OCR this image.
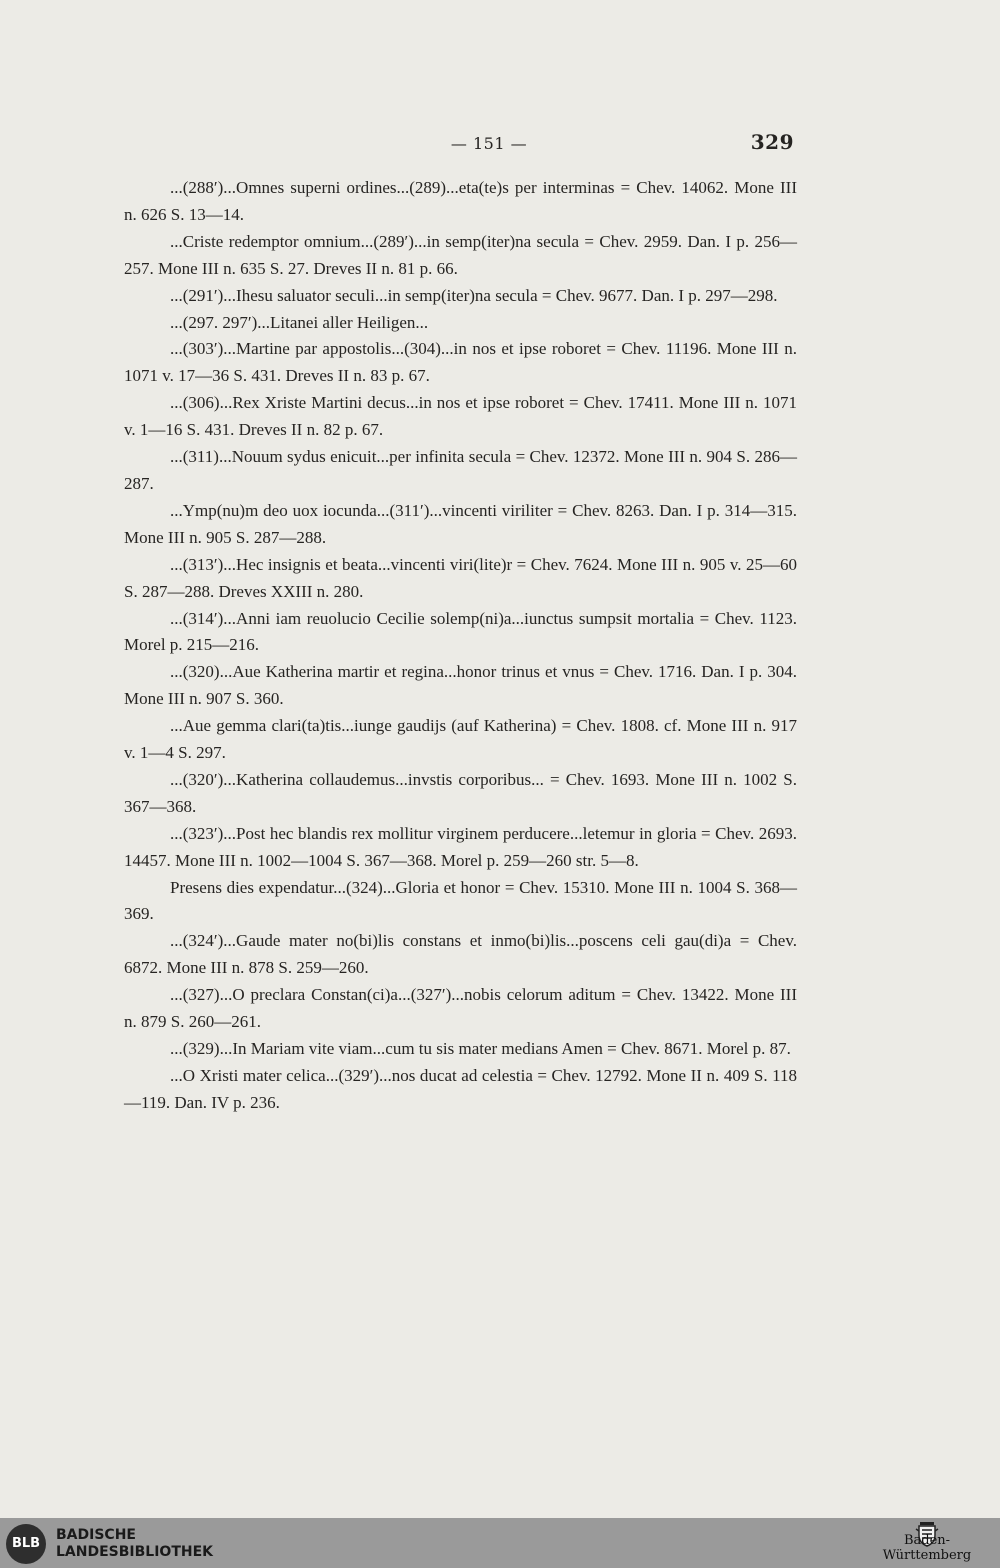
— 151 —	329

...(288′)...Omnes superni ordines...(289)...eta(te)s per interminas = Chev. 14062. Mone III n. 626 S. 13—14.

...Criste redemptor omnium...(289′)...in semp(iter)na secula = Chev. 2959. Dan. I p. 256—257. Mone III n. 635 S. 27. Dreves II n. 81 p. 66.

...(291′)...Ihesu saluator seculi...in semp(iter)na secula = Chev. 9677. Dan. I p. 297—298.

...(297. 297′)...Litanei aller Heiligen...

...(303′)...Martine par appostolis...(304)...in nos et ipse roboret = Chev. 11196. Mone III n. 1071 v. 17—36 S. 431. Dreves II n. 83 p. 67.

...(306)...Rex Xriste Martini decus...in nos et ipse roboret = Chev. 17411. Mone III n. 1071 v. 1—16 S. 431. Dreves II n. 82 p. 67.

...(311)...Nouum sydus enicuit...per infinita secula = Chev. 12372. Mone III n. 904 S. 286—287.

...Ymp(nu)m deo uox iocunda...(311′)...vincenti viriliter = Chev. 8263. Dan. I p. 314—315. Mone III n. 905 S. 287—288.

...(313′)...Hec insignis et beata...vincenti viri(lite)r = Chev. 7624. Mone III n. 905 v. 25—60 S. 287—288. Dreves XXIII n. 280.

...(314′)...Anni iam reuolucio Cecilie solemp(ni)a...iunctus sumpsit mortalia = Chev. 1123. Morel p. 215—216.

...(320)...Aue Katherina martir et regina...honor trinus et vnus = Chev. 1716. Dan. I p. 304. Mone III n. 907 S. 360.

...Aue gemma clari(ta)tis...iunge gaudijs (auf Katherina) = Chev. 1808. cf. Mone III n. 917 v. 1—4 S. 297.

...(320′)...Katherina collaudemus...invstis corporibus... = Chev. 1693. Mone III n. 1002 S. 367—368.

...(323′)...Post hec blandis rex mollitur virginem perducere...letemur in gloria = Chev. 2693. 14457. Mone III n. 1002—1004 S. 367—368. Morel p. 259—260 str. 5—8.

Presens dies expendatur...(324)...Gloria et honor = Chev. 15310. Mone III n. 1004 S. 368—369.

...(324′)...Gaude mater no(bi)lis constans et inmo(bi)lis...poscens celi gau(di)a = Chev. 6872. Mone III n. 878 S. 259—260.

...(327)...O preclara Constan(ci)a...(327′)...nobis celorum aditum = Chev. 13422. Mone III n. 879 S. 260—261.

...(329)...In Mariam vite viam...cum tu sis mater medians Amen = Chev. 8671. Morel p. 87.

...O Xristi mater celica...(329′)...nos ducat ad celestia = Chev. 12792. Mone II n. 409 S. 118—119. Dan. IV p. 236.

BLB
BADISCHE
LANDESBIBLIOTHEK
Baden-Württemberg
